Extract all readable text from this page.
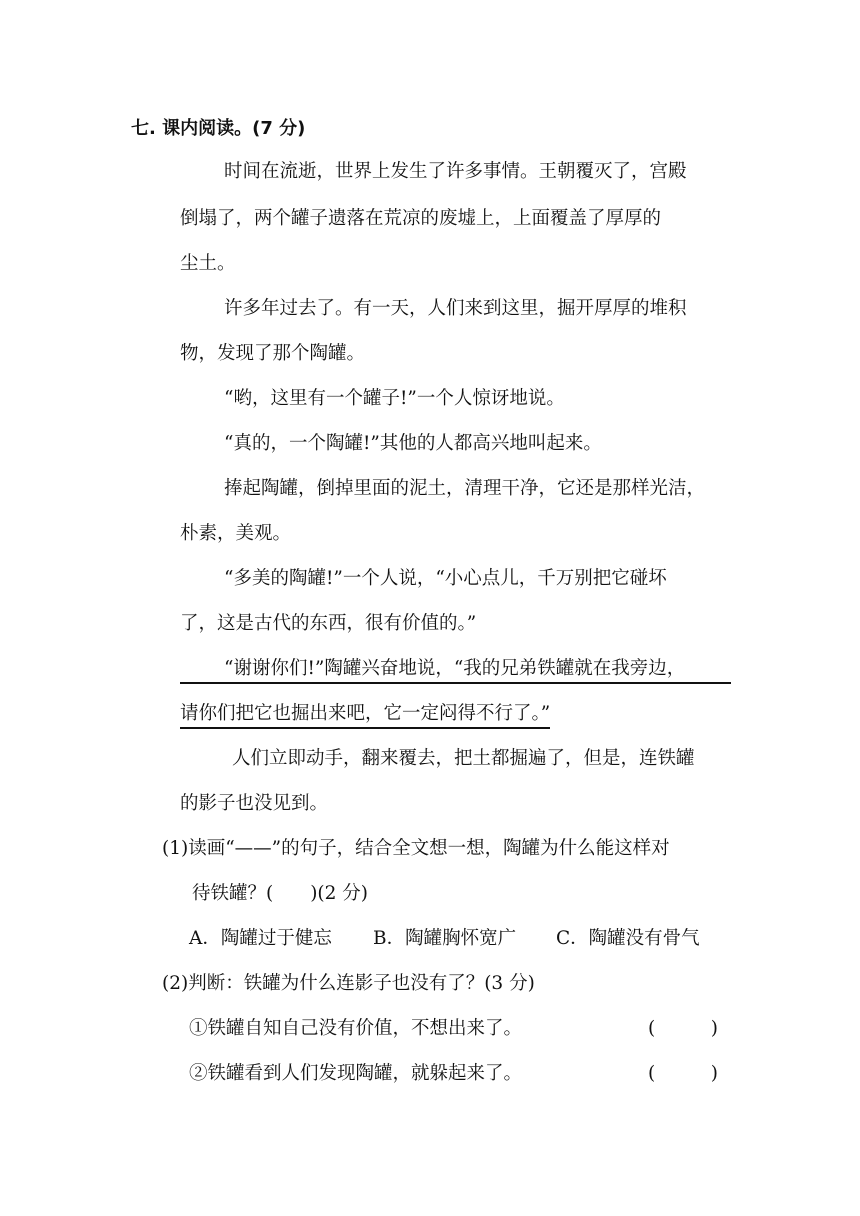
七. 课内阅读。(7 分)
时间在流逝，世界上发生了许多事情。王朝覆灭了，宫殿
倒塌了，两个罐子遗落在荒凉的废墟上，上面覆盖了厚厚的
尘土。
许多年过去了。有一天，人们来到这里，掘开厚厚的堆积
物，发现了那个陶罐。
“哟，这里有一个罐子!”一个人惊讶地说。
“真的，一个陶罐!”其他的人都高兴地叫起来。
捧起陶罐，倒掉里面的泥土，清理干净，它还是那样光洁，
朴素，美观。
“多美的陶罐!”一个人说，“小心点儿，千万别把它碰坏
了，这是古代的东西，很有价值的。”
“谢谢你们!”陶罐兴奋地说，“我的兄弟铁罐就在我旁边，
请你们把它也掘出来吧，它一定闷得不行了。”
人们立即动手，翻来覆去，把土都掘遍了，但是，连铁罐
的影子也没见到。
(1)读画“——”的句子，结合全文想一想，陶罐为什么能这样对
待铁罐？(　　)(2 分)
A．陶罐过于健忘 B．陶罐胸怀宽广 C．陶罐没有骨气
(2)判断：铁罐为什么连影子也没有了？(3 分)
①铁罐自知自己没有价值，不想出来了。	(　　　)
②铁罐看到人们发现陶罐，就躲起来了。	(　　　)
